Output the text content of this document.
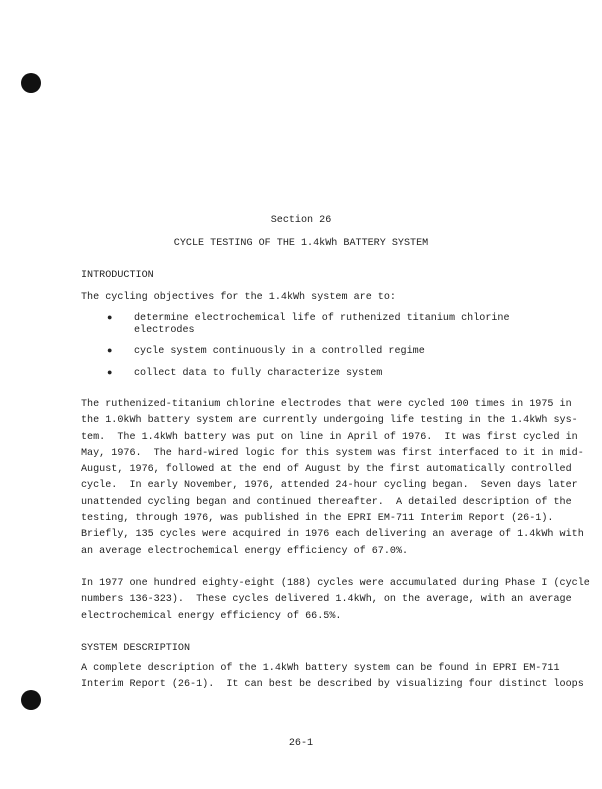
Section 26
CYCLE TESTING OF THE 1.4kWh BATTERY SYSTEM
INTRODUCTION
The cycling objectives for the 1.4kWh system are to:
● determine electrochemical life of ruthenized titanium chlorine
electrodes
● cycle system continuously in a controlled regime
● collect data to fully characterize system
The ruthenized-titanium chlorine electrodes that were cycled 100 times in 1975 in
the 1.0kWh battery system are currently undergoing life testing in the 1.4kWh sys-
tem.  The 1.4kWh battery was put on line in April of 1976.  It was first cycled in
May, 1976.  The hard-wired logic for this system was first interfaced to it in mid-
August, 1976, followed at the end of August by the first automatically controlled
cycle.  In early November, 1976, attended 24-hour cycling began.  Seven days later
unattended cycling began and continued thereafter.  A detailed description of the
testing, through 1976, was published in the EPRI EM-711 Interim Report (26-1).
Briefly, 135 cycles were acquired in 1976 each delivering an average of 1.4kWh with
an average electrochemical energy efficiency of 67.0%.
In 1977 one hundred eighty-eight (188) cycles were accumulated during Phase I (cycle
numbers 136-323).  These cycles delivered 1.4kWh, on the average, with an average
electrochemical energy efficiency of 66.5%.
SYSTEM DESCRIPTION
A complete description of the 1.4kWh battery system can be found in EPRI EM-711
Interim Report (26-1).  It can best be described by visualizing four distinct loops
26-1
